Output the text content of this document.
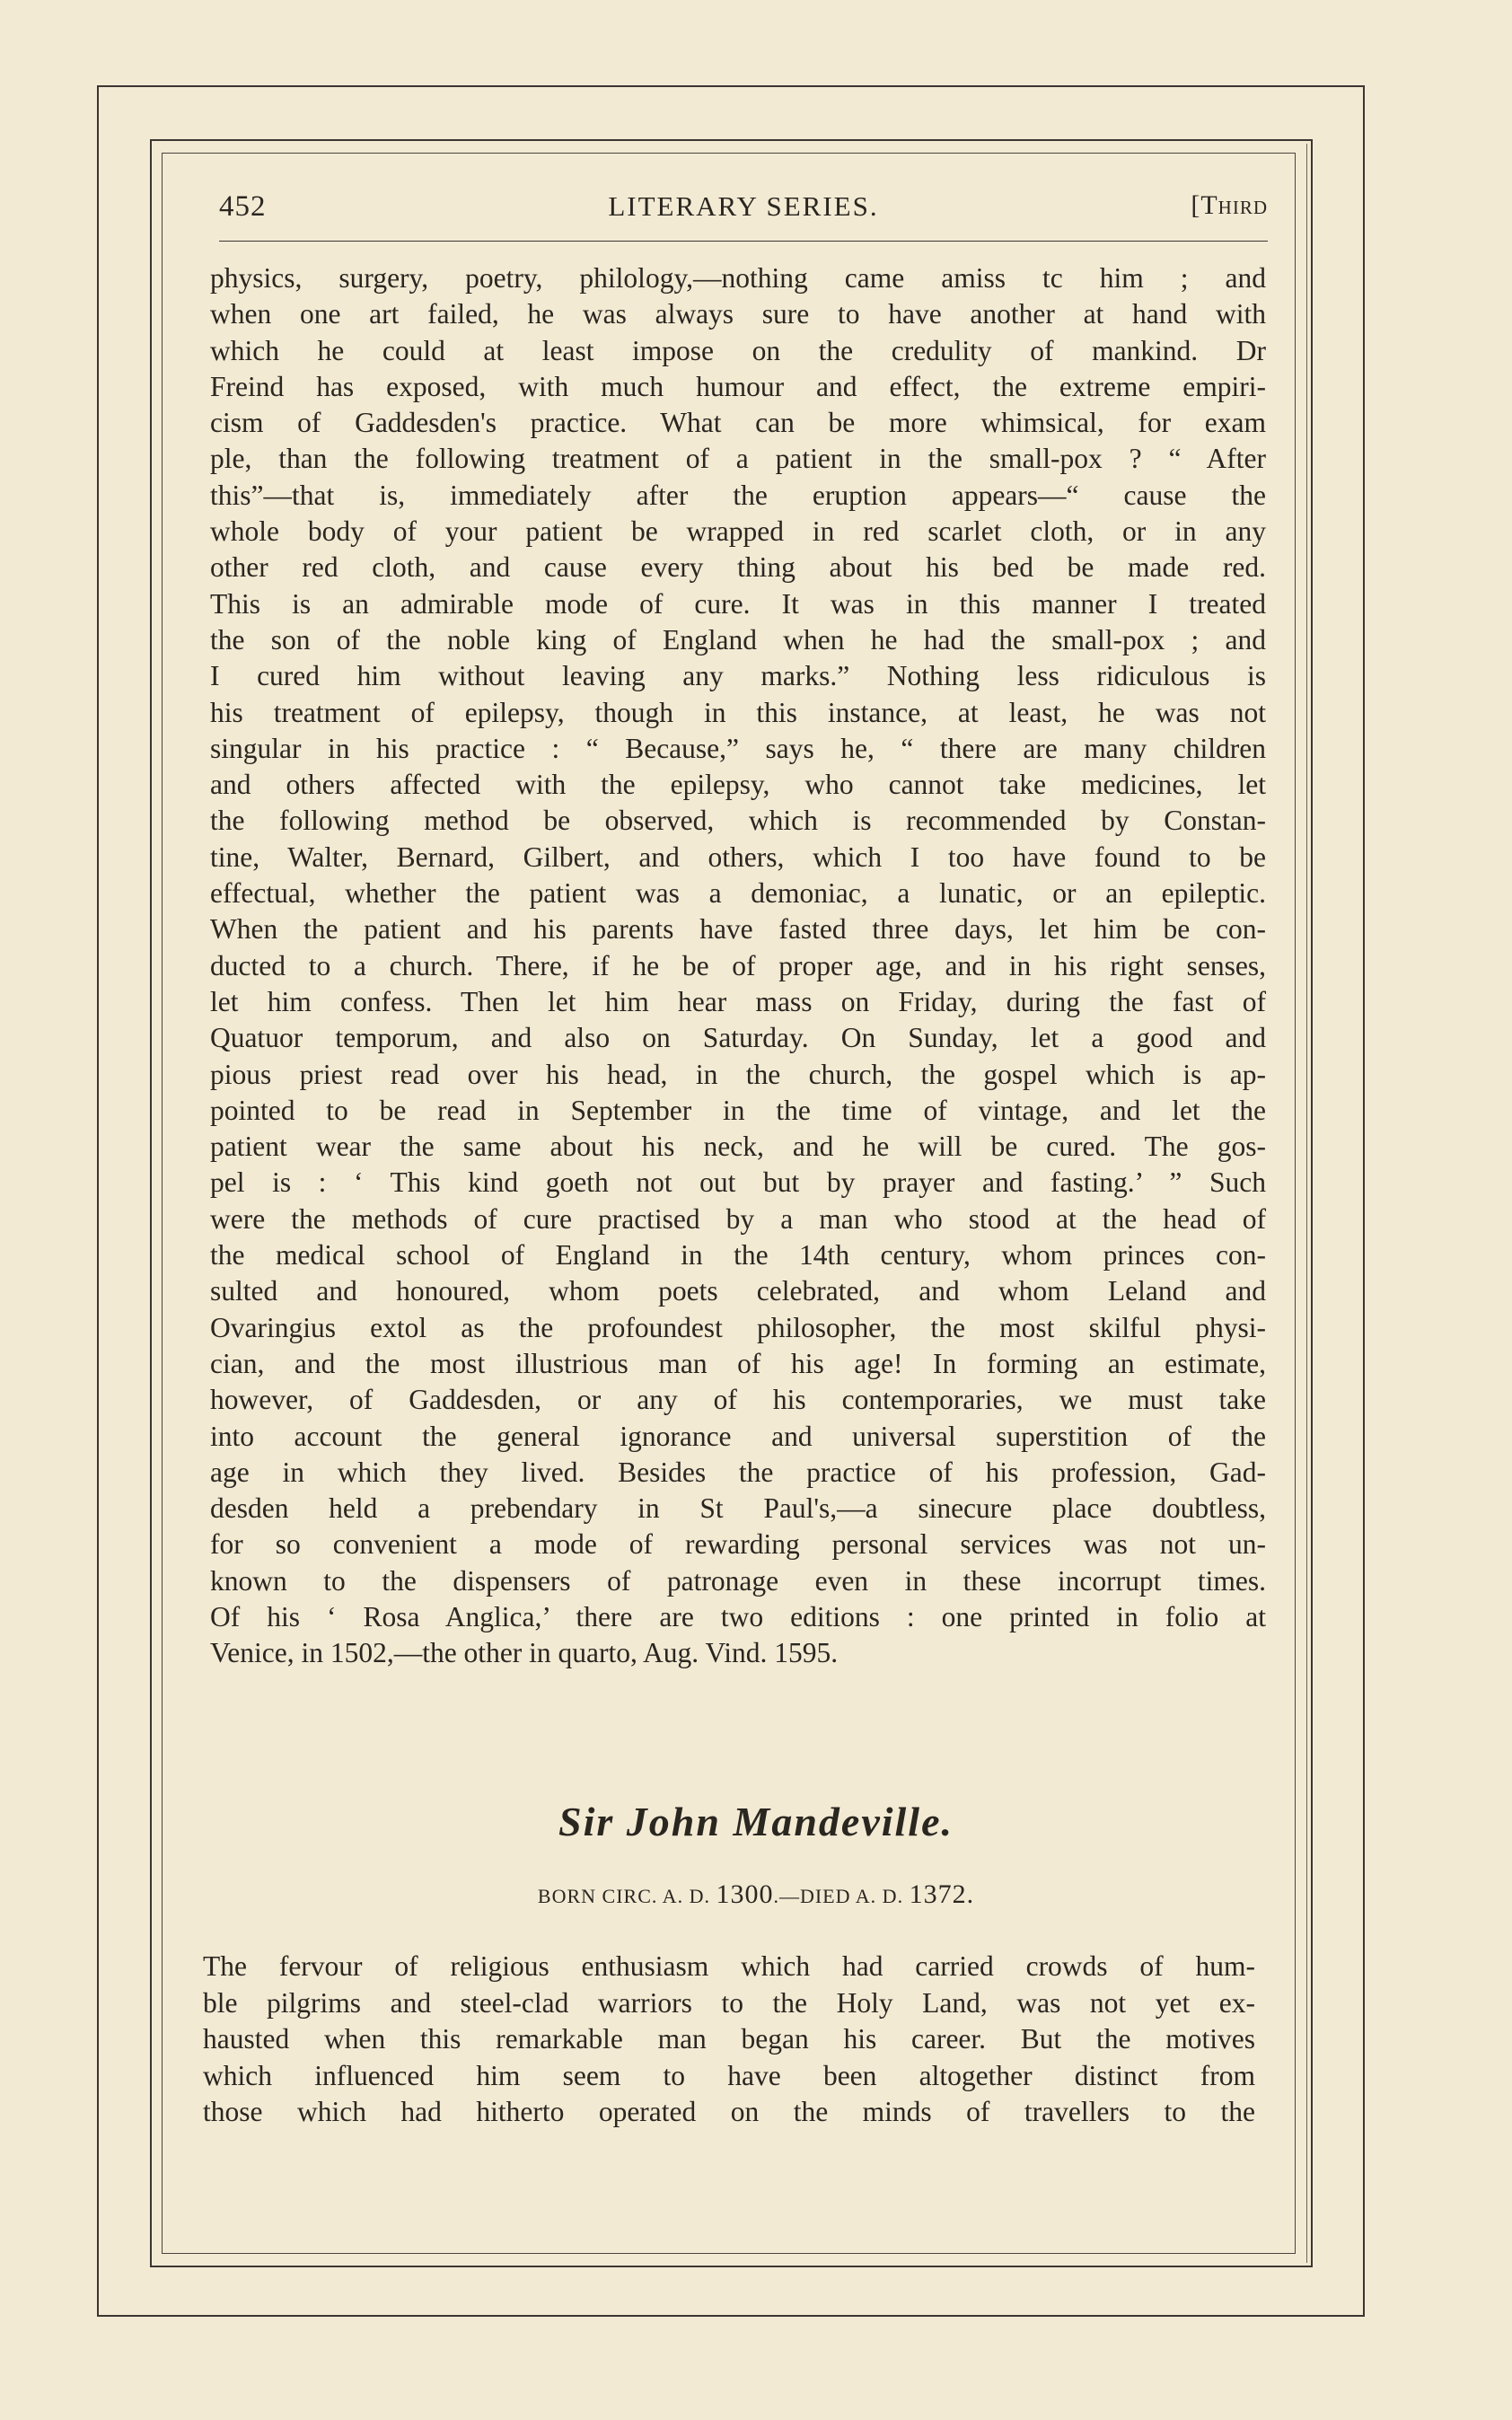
452	LITERARY SERIES.	[Third
physics, surgery, poetry, philology,—nothing came amiss tc him ; and
when one art failed, he was always sure to have another at hand with
which he could at least impose on the credulity of mankind. Dr
Freind has exposed, with much humour and effect, the extreme empiri-
cism of Gaddesden's practice. What can be more whimsical, for exam
ple, than the following treatment of a patient in the small-pox ? “ After
this”—that is, immediately after the eruption appears—“ cause the
whole body of your patient be wrapped in red scarlet cloth, or in any
other red cloth, and cause every thing about his bed be made red.
This is an admirable mode of cure. It was in this manner I treated
the son of the noble king of England when he had the small-pox ; and
I cured him without leaving any marks.” Nothing less ridiculous is
his treatment of epilepsy, though in this instance, at least, he was not
singular in his practice : “ Because,” says he, “ there are many children
and others affected with the epilepsy, who cannot take medicines, let
the following method be observed, which is recommended by Constan-
tine, Walter, Bernard, Gilbert, and others, which I too have found to be
effectual, whether the patient was a demoniac, a lunatic, or an epileptic.
When the patient and his parents have fasted three days, let him be con-
ducted to a church. There, if he be of proper age, and in his right senses,
let him confess. Then let him hear mass on Friday, during the fast of
Quatuor temporum, and also on Saturday. On Sunday, let a good and
pious priest read over his head, in the church, the gospel which is ap-
pointed to be read in September in the time of vintage, and let the
patient wear the same about his neck, and he will be cured. The gos-
pel is : ‘ This kind goeth not out but by prayer and fasting.’ ” Such
were the methods of cure practised by a man who stood at the head of
the medical school of England in the 14th century, whom princes con-
sulted and honoured, whom poets celebrated, and whom Leland and
Ovaringius extol as the profoundest philosopher, the most skilful physi-
cian, and the most illustrious man of his age! In forming an estimate,
however, of Gaddesden, or any of his contemporaries, we must take
into account the general ignorance and universal superstition of the
age in which they lived. Besides the practice of his profession, Gad-
desden held a prebendary in St Paul's,—a sinecure place doubtless,
for so convenient a mode of rewarding personal services was not un-
known to the dispensers of patronage even in these incorrupt times.
Of his ‘ Rosa Anglica,’ there are two editions : one printed in folio at
Venice, in 1502,—the other in quarto, Aug. Vind. 1595.
Sir John Mandeville.
BORN CIRC. A. D. 1300.—DIED A. D. 1372.
The fervour of religious enthusiasm which had carried crowds of hum-
ble pilgrims and steel-clad warriors to the Holy Land, was not yet ex-
hausted when this remarkable man began his career. But the motives
which influenced him seem to have been altogether distinct from
those which had hitherto operated on the minds of travellers to the
